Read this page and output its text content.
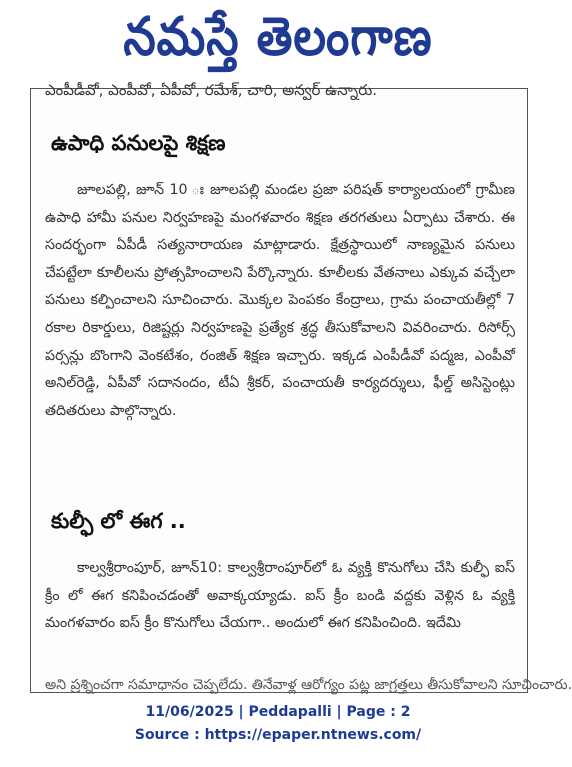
నమస్తే తెలంగాణ
ఎంపీడీవో, ఎంపీవో, ఏపీవో, రమేశ్, చారి, అన్వర్ ఉన్నారు.
ఉపాధి పనులపై శిక్షణ

జూలపల్లి, జూన్ 10 ః జూలపల్లి మండల ప్రజా పరిషత్ కార్యాలయంలో గ్రామీణ ఉపాధి హామీ పనుల నిర్వహణపై మంగళవారం శిక్షణ తరగతులు ఏర్పాటు చేశారు. ఈ సందర్భంగా ఏపీడీ సత్యనారాయణ మాట్లాడారు. క్షేత్రస్థాయిలో నాణ్యమైన పనులు చేపట్టేలా కూలీలను ప్రోత్సహించాలని పేర్కొన్నారు. కూలీలకు వేతనాలు ఎక్కువ వచ్చేలా పనులు కల్పించాలని సూచించారు. మొక్కల పెంపకం కేంద్రాలు, గ్రామ పంచాయతీల్లో 7 రకాల రికార్డులు, రిజిష్టర్లు నిర్వహణపై ప్రత్యేక శ్రద్ధ తీసుకోవాలని వివరించారు. రిసోర్స్ పర్సన్లు బొంగాని వెంకటేశం, రంజిత్ శిక్షణ ఇచ్చారు. ఇక్కడ ఎంపీడీవో పద్మజ, ఎంపీవో అనిల్‌రెడ్డి, ఏపీవో సదానందం, టీఏ శ్రీకర్, పంచాయతీ కార్యదర్శులు, ఫీల్డ్ అసిస్టెంట్లు తదితరులు పాల్గొన్నారు.

కుల్ఫీ లో ఈగ ..

కాల్వశ్రీరాంపూర్, జూన్10: కాల్వశ్రీరాంపూర్‌లో ఓ వ్యక్తి కొనుగోలు చేసి కుల్ఫీ ఐస్ క్రీం లో ఈగ కనిపించడంతో అవాక్కయ్యాడు. ఐస్ క్రీం బండి వద్దకు వెళ్లిన ఓ వ్యక్తి మంగళవారం ఐస్ క్రీం కొనుగోలు చేయగా.. అందులో ఈగ కనిపించింది. ఇదేమి

అని ప్రశ్నించగా సమాధానం చెప్పలేదు. తినేవాళ్ల ఆరోగ్యం పట్ల జాగ్రత్తలు తీసుకోవాలని సూచించారు.
11/06/2025 | Peddapalli | Page : 2
Source : https://epaper.ntnews.com/
